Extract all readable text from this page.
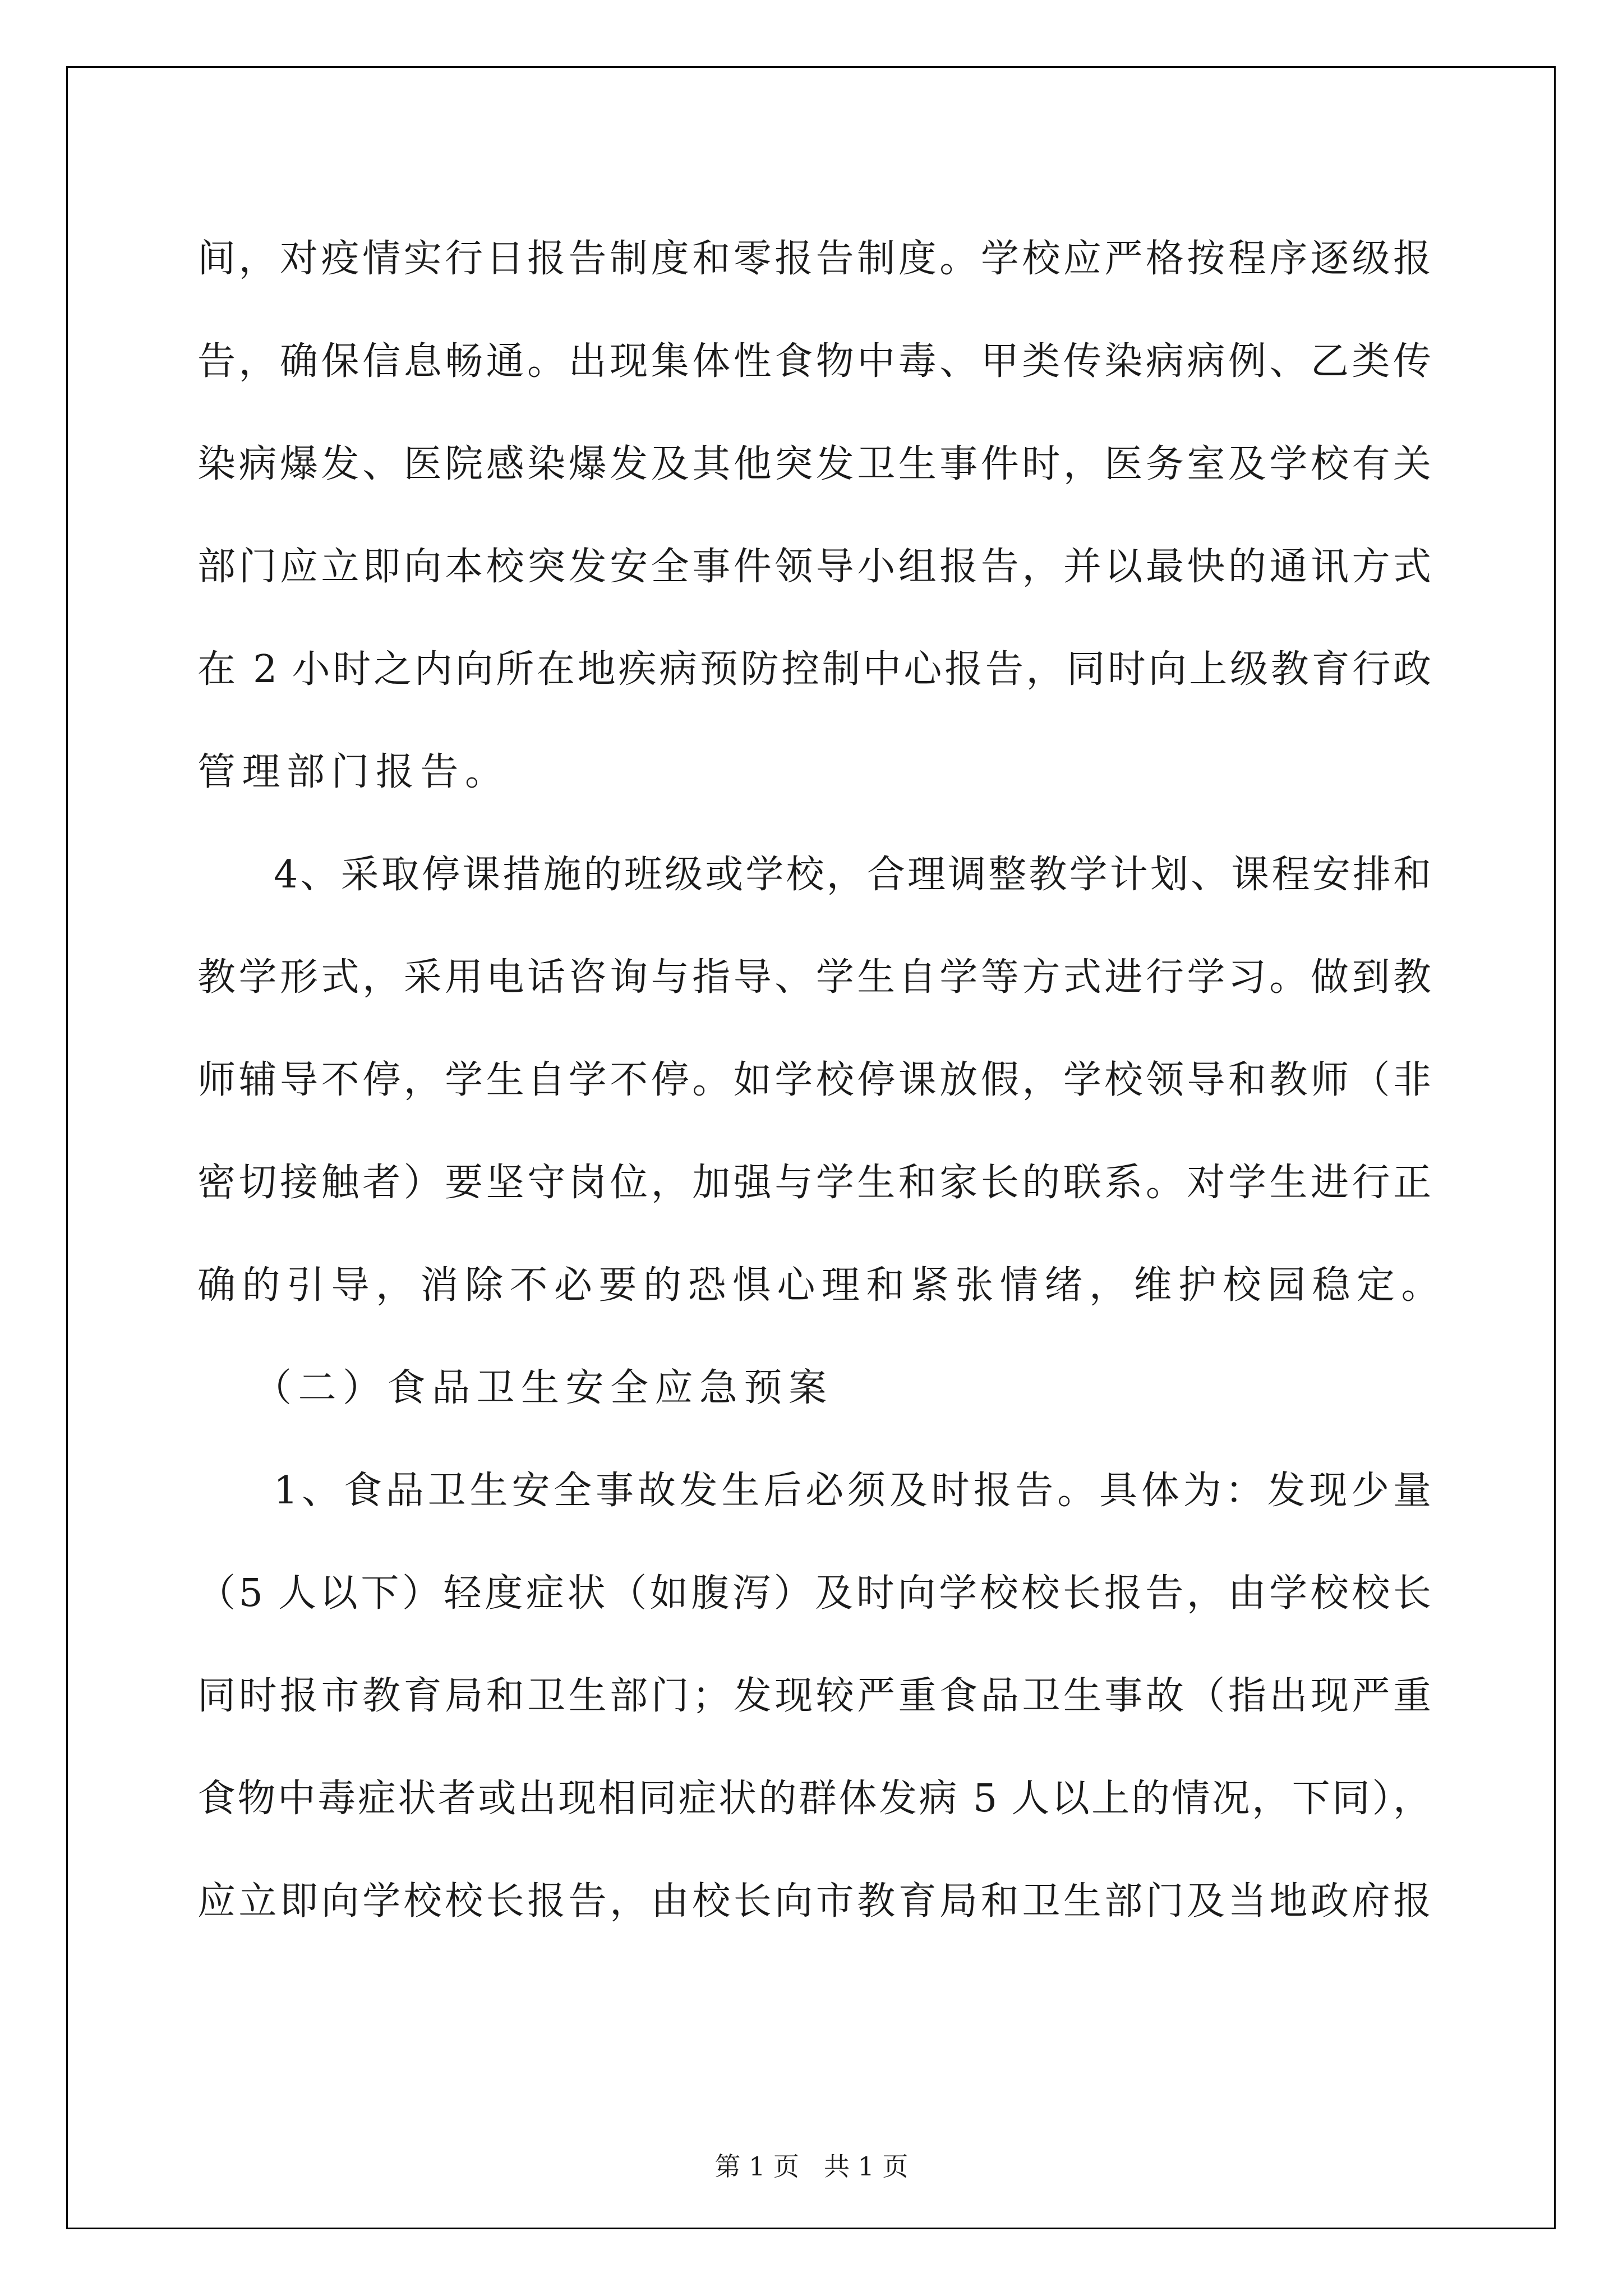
间，对疫情实行日报告制度和零报告制度。学校应严格按程序逐级报
告，确保信息畅通。出现集体性食物中毒、甲类传染病病例、乙类传
染病爆发、医院感染爆发及其他突发卫生事件时，医务室及学校有关
部门应立即向本校突发安全事件领导小组报告，并以最快的通讯方式
在 2 小时之内向所在地疾病预防控制中心报告，同时向上级教育行政
管理部门报告。
4、采取停课措施的班级或学校，合理调整教学计划、课程安排和
教学形式，采用电话咨询与指导、学生自学等方式进行学习。做到教
师辅导不停，学生自学不停。如学校停课放假，学校领导和教师（非
密切接触者）要坚守岗位，加强与学生和家长的联系。对学生进行正
确的引导，消除不必要的恐惧心理和紧张情绪，维护校园稳定。
（二）食品卫生安全应急预案
1、食品卫生安全事故发生后必须及时报告。具体为：发现少量
（5 人以下）轻度症状（如腹泻）及时向学校校长报告，由学校校长
同时报市教育局和卫生部门；发现较严重食品卫生事故（指出现严重
食物中毒症状者或出现相同症状的群体发病 5 人以上的情况，下同），
应立即向学校校长报告，由校长向市教育局和卫生部门及当地政府报
第 1 页 共 1 页
